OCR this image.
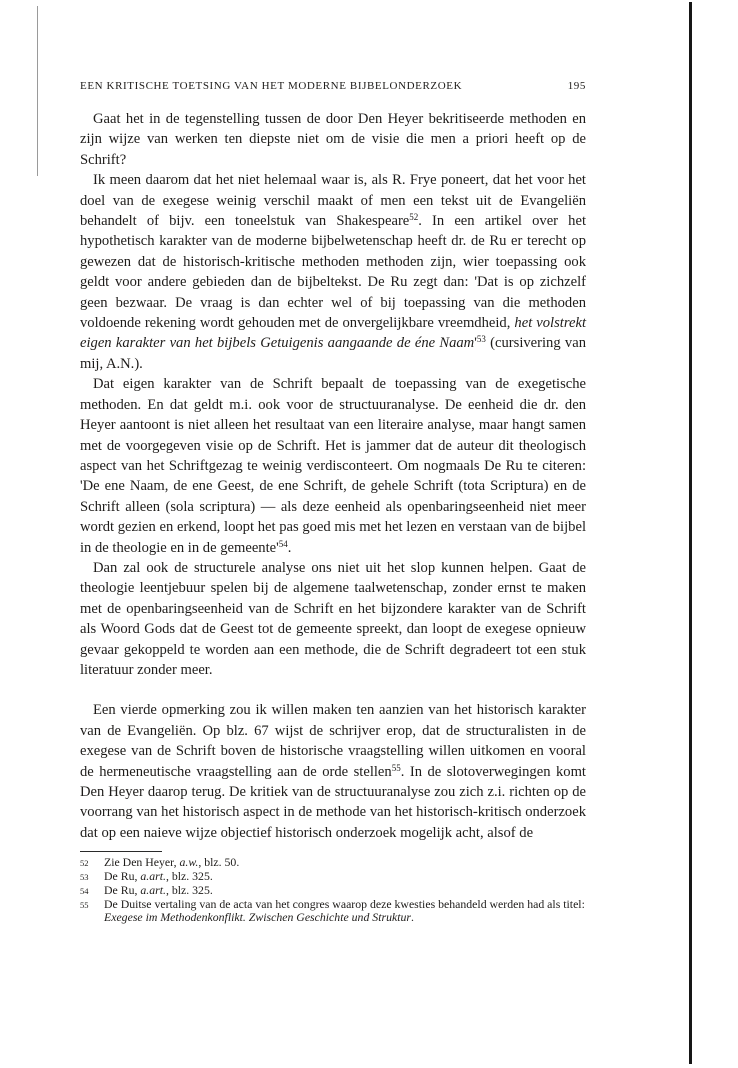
EEN KRITISCHE TOETSING VAN HET MODERNE BIJBELONDERZOEK	195

Gaat het in de tegenstelling tussen de door Den Heyer bekritiseerde methoden en zijn wijze van werken ten diepste niet om de visie die men a priori heeft op de Schrift?

Ik meen daarom dat het niet helemaal waar is, als R. Frye poneert, dat het voor het doel van de exegese weinig verschil maakt of men een tekst uit de Evangeliën behandelt of bijv. een toneelstuk van Shakespeare$^{52}$. In een artikel over het hypothetisch karakter van de moderne bijbelwetenschap heeft dr. de Ru er terecht op gewezen dat de historisch-kritische methoden methoden zijn, wier toepassing ook geldt voor andere gebieden dan de bijbeltekst. De Ru zegt dan: 'Dat is op zichzelf geen bezwaar. De vraag is dan echter wel of bij toepassing van die methoden voldoende rekening wordt gehouden met de onvergelijkbare vreemdheid, het volstrekt eigen karakter van het bijbels Getuigenis aangaande de éne $Naam'^{53}$ (cursivering van mij, A.N.).

Dat eigen karakter van de Schrift bepaalt de toepassing van de exegetische methoden. En dat geldt m.i. ook voor de structuuranalyse. De eenheid die dr. den Heyer aantoont is niet alleen het resultaat van een literaire analyse, maar hangt samen met de voorgegeven visie op de Schrift. Het is jammer dat de auteur dit theologisch aspect van het Schriftgezag te weinig verdisconteert. Om nogmaals De Ru te citeren: 'De ene Naam, de ene Geest, de ene Schrift, de gehele Schrift (tota Scriptura) en de Schrift alleen (sola scriptura) — als deze eenheid als openbaringseenheid niet meer wordt gezien en erkend, loopt het pas goed mis met het lezen en verstaan van de bijbel in de theologie en in de $gemeente'^{54}$.

Dan zal ook de structurele analyse ons niet uit het slop kunnen helpen. Gaat de theologie leentjebuur spelen bij de algemene taalwetenschap, zonder ernst te maken met de openbaringseenheid van de Schrift en het bijzondere karakter van de Schrift als Woord Gods dat de Geest tot de gemeente spreekt, dan loopt de exegese opnieuw gevaar gekoppeld te worden aan een methode, die de Schrift degradeert tot een stuk literatuur zonder meer.

Een vierde opmerking zou ik willen maken ten aanzien van het historisch karakter van de Evangeliën. Op blz. 67 wijst de schrijver erop, dat de structuralisten in de exegese van de Schrift boven de historische vraagstelling willen uitkomen en vooral de hermeneutische vraagstelling aan de orde stellen$^{55}$. In de slotoverwegingen komt Den Heyer daarop terug. De kritiek van de structuuranalyse zou zich z.i. richten op de voorrang van het historisch aspect in de methode van het historisch-kritisch onderzoek dat op een naieve wijze objectief historisch onderzoek mogelijk acht, alsof de

52	Zie Den Heyer, a.w., blz. 50.
53	De Ru, a.art., blz. 325.
54	De Ru, a.art., blz. 325.
55	De Duitse vertaling van de acta van het congres waarop deze kwesties behandeld werden had als titel: Exegese im Methodenkonflikt. Zwischen Geschichte und Struktur.
